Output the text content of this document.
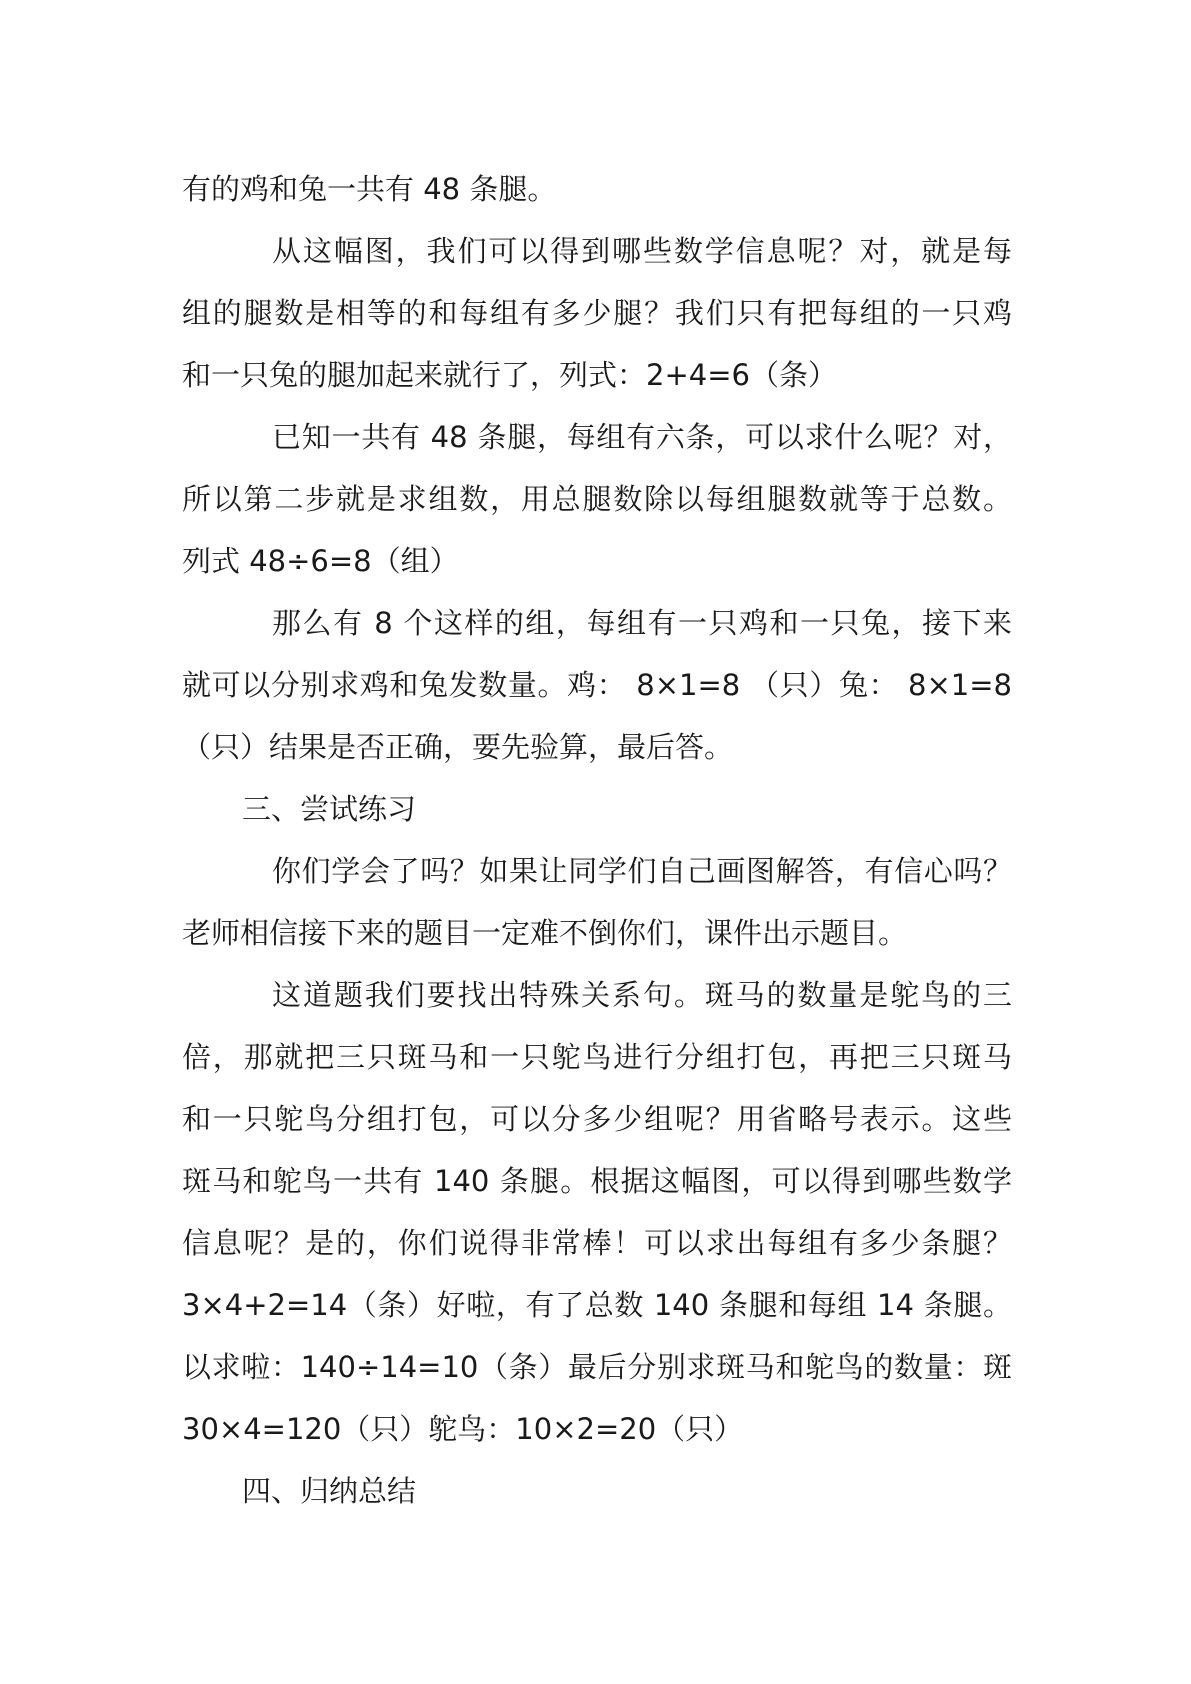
有的鸡和兔一共有 48 条腿。

从这幅图，我们可以得到哪些数学信息呢？对，就是每

组的腿数是相等的和每组有多少腿？我们只有把每组的一只鸡

和一只兔的腿加起来就行了，列式：2+4=6（条）

已知一共有 48 条腿，每组有六条，可以求什么呢？对，

所以第二步就是求组数，用总腿数除以每组腿数就等于总数。

列式 48÷6=8（组）

那么有 8 个这样的组，每组有一只鸡和一只兔，接下来

就可以分别求鸡和兔发数量。鸡： 8×1=8 （只）兔： 8×1=8

（只）结果是否正确，要先验算，最后答。

三、尝试练习

你们学会了吗？如果让同学们自己画图解答，有信心吗？

老师相信接下来的题目一定难不倒你们，课件出示题目。

这道题我们要找出特殊关系句。斑马的数量是鸵鸟的三

倍，那就把三只斑马和一只鸵鸟进行分组打包，再把三只斑马

和一只鸵鸟分组打包，可以分多少组呢？用省略号表示。这些

斑马和鸵鸟一共有 140 条腿。根据这幅图，可以得到哪些数学

信息呢？是的，你们说得非常棒！可以求出每组有多少条腿？

3×4+2=14（条）好啦，有了总数 140 条腿和每组 14 条腿。

以求啦：140÷14=10（条）最后分别求斑马和鸵鸟的数量：斑

30×4=120（只）鸵鸟：10×2=20（只）

四、归纳总结
